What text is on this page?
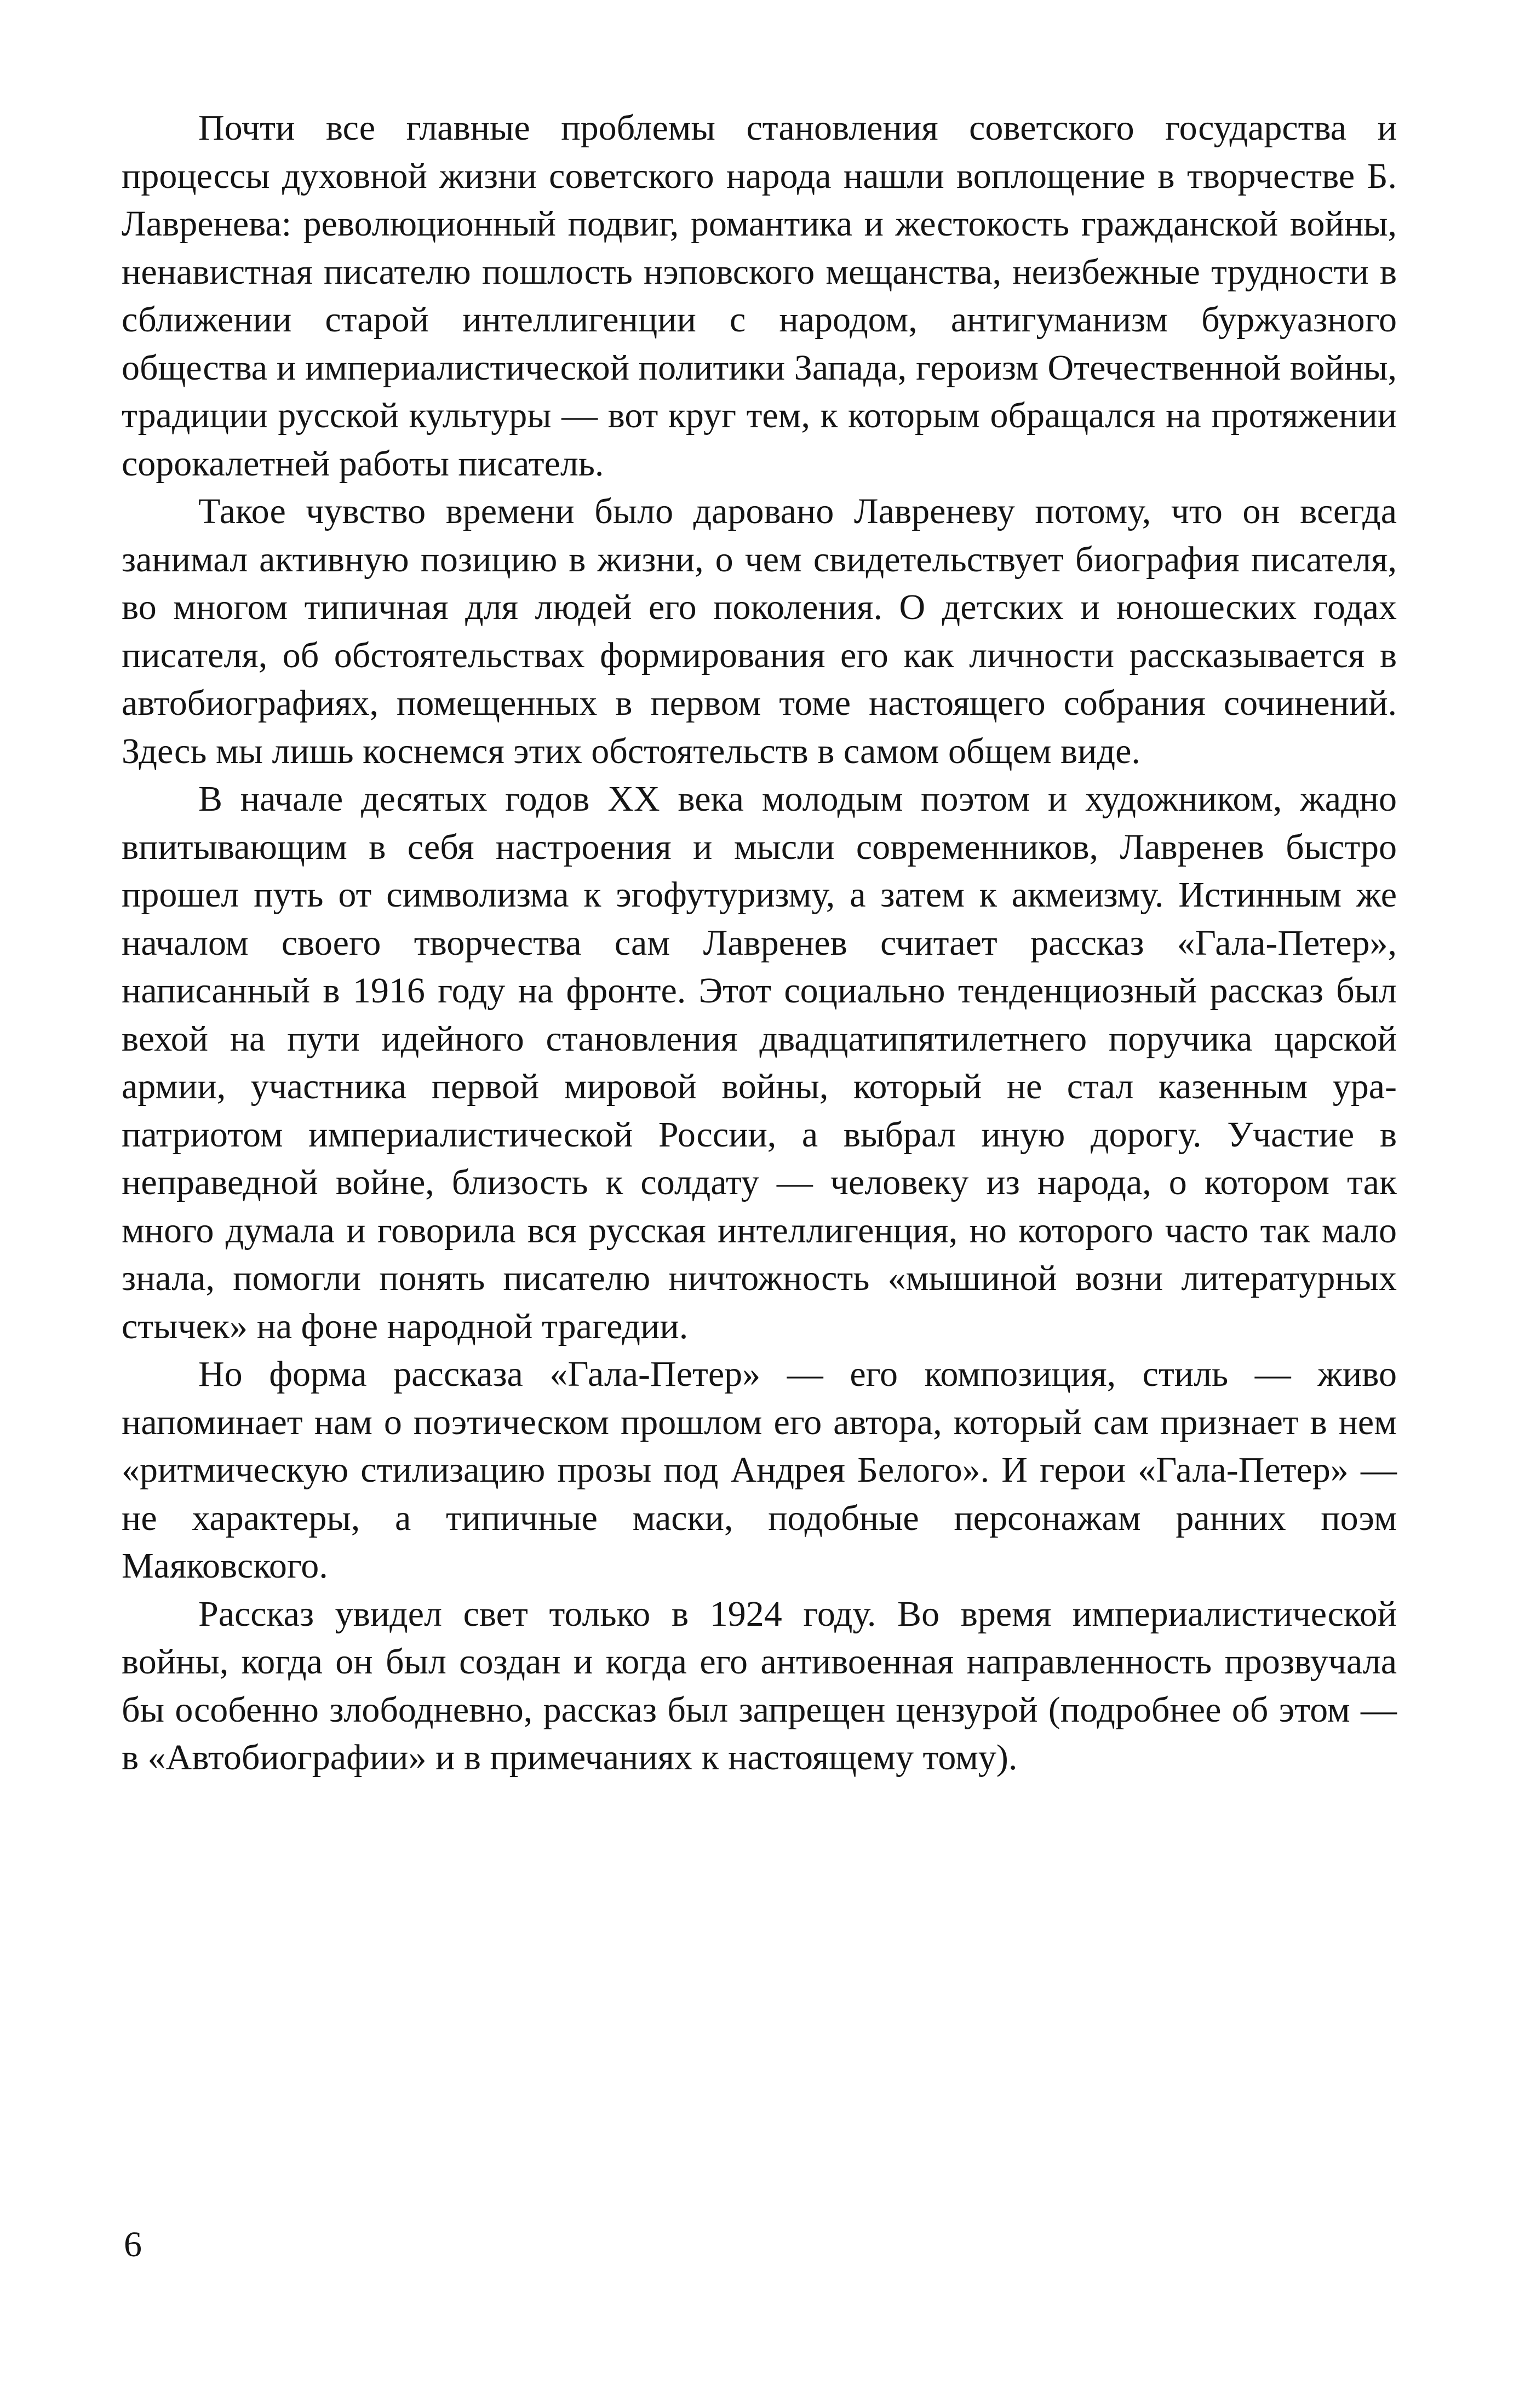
Почти все главные проблемы становления советского государства и процессы духовной жизни советского народа нашли воплощение в творчестве Б. Лавренева: революционный подвиг, романтика и жестокость гражданской войны, ненавистная писателю пошлость нэповского мещанства, неизбежные трудности в сближении старой интеллигенции с народом, антигуманизм буржуазного общества и империалистической политики Запада, героизм Отечественной войны, традиции русской культуры — вот круг тем, к которым обращался на протяжении сорокалетней работы писатель.

Такое чувство времени было даровано Лавреневу потому, что он всегда занимал активную позицию в жизни, о чем свидетельствует биография писателя, во многом типичная для людей его поколения. О детских и юношеских годах писателя, об обстоятельствах формирования его как личности рассказывается в автобиографиях, помещенных в первом томе настоящего собрания сочинений. Здесь мы лишь коснемся этих обстоятельств в самом общем виде.

В начале десятых годов XX века молодым поэтом и художником, жадно впитывающим в себя настроения и мысли современников, Лавренев быстро прошел путь от символизма к эгофутуризму, а затем к акмеизму. Истинным же началом своего творчества сам Лавренев считает рассказ «Гала-Петер», написанный в 1916 году на фронте. Этот социально тенденциозный рассказ был вехой на пути идейного становления двадцатипятилетнего поручика царской армии, участника первой мировой войны, который не стал казенным ура-патриотом империалистической России, а выбрал иную дорогу. Участие в неправедной войне, близость к солдату — человеку из народа, о котором так много думала и говорила вся русская интеллигенция, но которого часто так мало знала, помогли понять писателю ничтожность «мышиной возни литературных стычек» на фоне народной трагедии.

Но форма рассказа «Гала-Петер» — его композиция, стиль — живо напоминает нам о поэтическом прошлом его автора, который сам признает в нем «ритмическую стилизацию прозы под Андрея Белого». И герои «Гала-Петер» — не характеры, а типичные маски, подобные персонажам ранних поэм Маяковского.

Рассказ увидел свет только в 1924 году. Во время империалистической войны, когда он был создан и когда его антивоенная направленность прозвучала бы особенно злободневно, рассказ был запрещен цензурой (подробнее об этом — в «Автобиографии» и в примечаниях к настоящему тому).

6
